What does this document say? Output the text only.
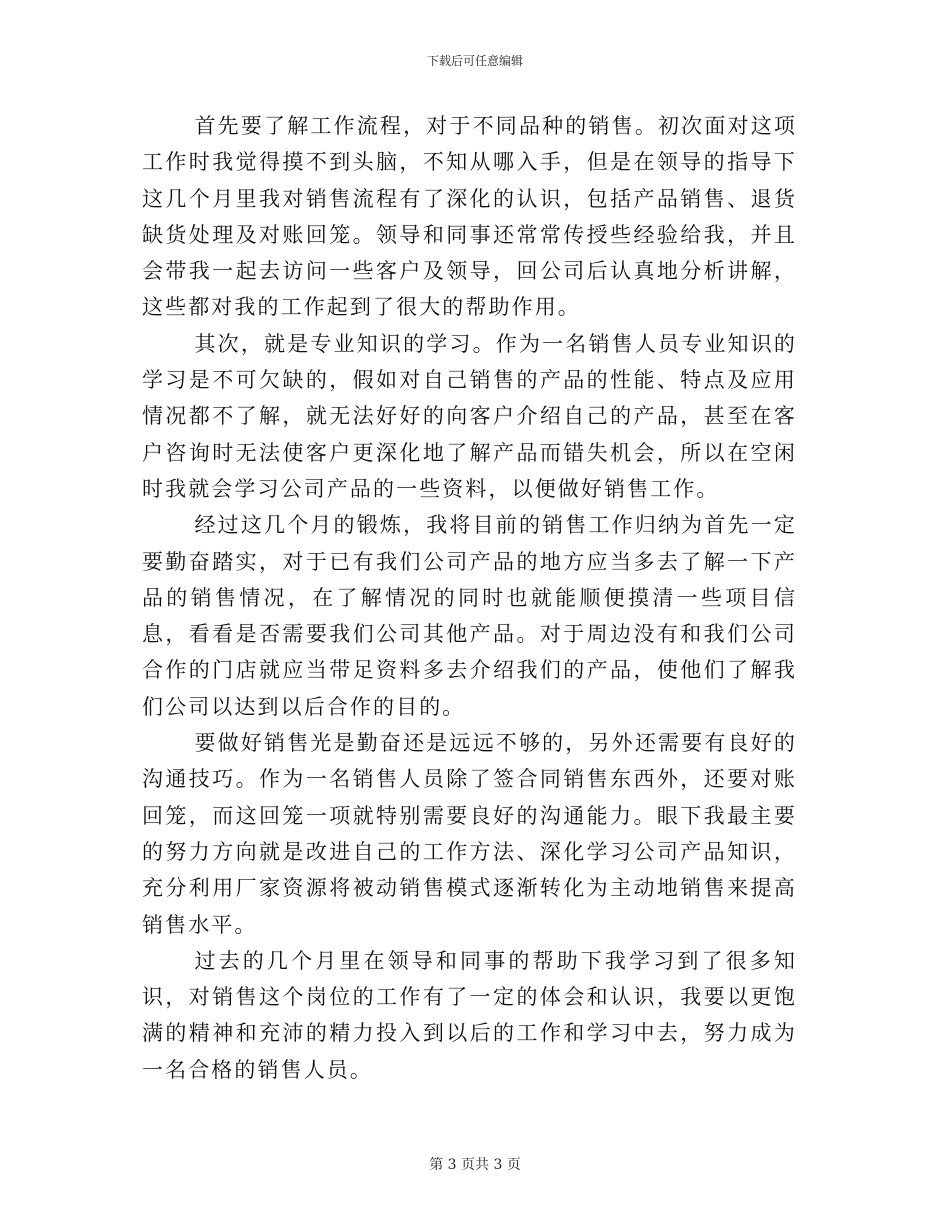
下载后可任意编辑

首先要了解工作流程，对于不同品种的销售。初次面对这项工作时我觉得摸不到头脑，不知从哪入手，但是在领导的指导下这几个月里我对销售流程有了深化的认识，包括产品销售、退货缺货处理及对账回笼。领导和同事还常常传授些经验给我，并且会带我一起去访问一些客户及领导，回公司后认真地分析讲解，这些都对我的工作起到了很大的帮助作用。

其次，就是专业知识的学习。作为一名销售人员专业知识的学习是不可欠缺的，假如对自己销售的产品的性能、特点及应用情况都不了解，就无法好好的向客户介绍自己的产品，甚至在客户咨询时无法使客户更深化地了解产品而错失机会，所以在空闲时我就会学习公司产品的一些资料，以便做好销售工作。

经过这几个月的锻炼，我将目前的销售工作归纳为首先一定要勤奋踏实，对于已有我们公司产品的地方应当多去了解一下产品的销售情况，在了解情况的同时也就能顺便摸清一些项目信息，看看是否需要我们公司其他产品。对于周边没有和我们公司合作的门店就应当带足资料多去介绍我们的产品，使他们了解我们公司以达到以后合作的目的。

要做好销售光是勤奋还是远远不够的，另外还需要有良好的沟通技巧。作为一名销售人员除了签合同销售东西外，还要对账回笼，而这回笼一项就特别需要良好的沟通能力。眼下我最主要的努力方向就是改进自己的工作方法、深化学习公司产品知识，充分利用厂家资源将被动销售模式逐渐转化为主动地销售来提高销售水平。

过去的几个月里在领导和同事的帮助下我学习到了很多知识，对销售这个岗位的工作有了一定的体会和认识，我要以更饱满的精神和充沛的精力投入到以后的工作和学习中去，努力成为一名合格的销售人员。

第 3 页共 3 页
